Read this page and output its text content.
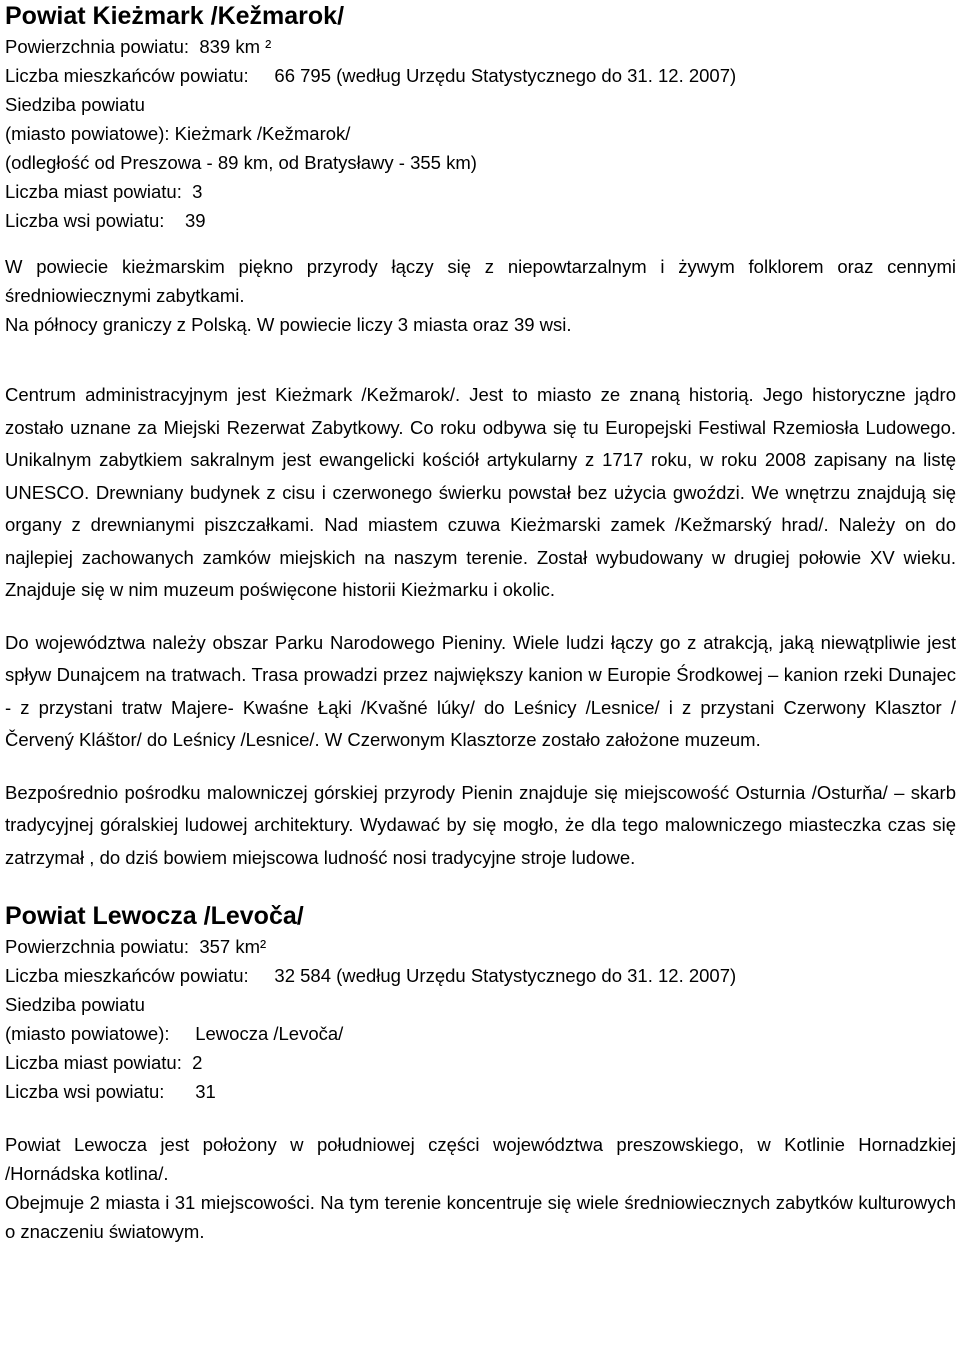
Powiat Kieżmark /Kežmarok/
Powierzchnia powiatu: 839 km ²
Liczba mieszkańców powiatu: 66 795 (według Urzędu Statystycznego do 31. 12. 2007)
Siedziba powiatu
(miasto powiatowe): Kieżmark /Kežmarok/
(odległość od Preszowa - 89 km, od Bratysławy - 355 km)
Liczba miast powiatu: 3
Liczba wsi powiatu: 39
W powiecie kieżmarskim piękno przyrody łączy się z niepowtarzalnym i żywym folklorem oraz cennymi średniowiecznymi zabytkami.
Na północy graniczy z Polską. W powiecie liczy 3 miasta oraz 39 wsi.
Centrum administracyjnym jest Kieżmark /Kežmarok/. Jest to miasto ze znaną historią. Jego historyczne jądro zostało uznane za Miejski Rezerwat Zabytkowy. Co roku odbywa się tu Europejski Festiwal Rzemiosła Ludowego. Unikalnym zabytkiem sakralnym jest ewangelicki kościół artykularny z 1717 roku, w roku 2008 zapisany na listę UNESCO. Drewniany budynek z cisu i czerwonego świerku powstał bez użycia gwoździ. We wnętrzu znajdują się organy z drewnianymi piszczałkami. Nad miastem czuwa Kieżmarski zamek /Kežmarský hrad/. Należy on do najlepiej zachowanych zamków miejskich na naszym terenie. Został wybudowany w drugiej połowie XV wieku. Znajduje się w nim muzeum poświęcone historii Kieżmarku i okolic.
Do województwa należy obszar Parku Narodowego Pieniny. Wiele ludzi łączy go z atrakcją, jaką niewątpliwie jest spływ Dunajcem na tratwach. Trasa prowadzi przez największy kanion w Europie Środkowej – kanion rzeki Dunajec - z przystani tratw Majere- Kwaśne Łąki /Kvašné lúky/ do Leśnicy /Lesnice/ i z przystani Czerwony Klasztor /Červený Kláštor/ do Leśnicy /Lesnice/. W Czerwonym Klasztorze zostało założone muzeum.
Bezpośrednio pośrodku malowniczej górskiej przyrody Pienin znajduje się miejscowość Osturnia /Osturňa/ – skarb tradycyjnej góralskiej ludowej architektury. Wydawać by się mogło, że dla tego malowniczego miasteczka czas się zatrzymał , do dziś bowiem miejscowa ludność nosi tradycyjne stroje ludowe.
Powiat Lewocza /Levoča/
Powierzchnia powiatu: 357 km²
Liczba mieszkańców powiatu: 32 584 (według Urzędu Statystycznego do 31. 12. 2007)
Siedziba powiatu
(miasto powiatowe): Lewocza /Levoča/
Liczba miast powiatu: 2
Liczba wsi powiatu: 31
Powiat Lewocza jest położony w południowej części województwa preszowskiego, w Kotlinie Hornadzkiej /Hornádska kotlina/.
Obejmuje 2 miasta i 31 miejscowości. Na tym terenie koncentruje się wiele średniowiecznych zabytków kulturowych o znaczeniu światowym.
